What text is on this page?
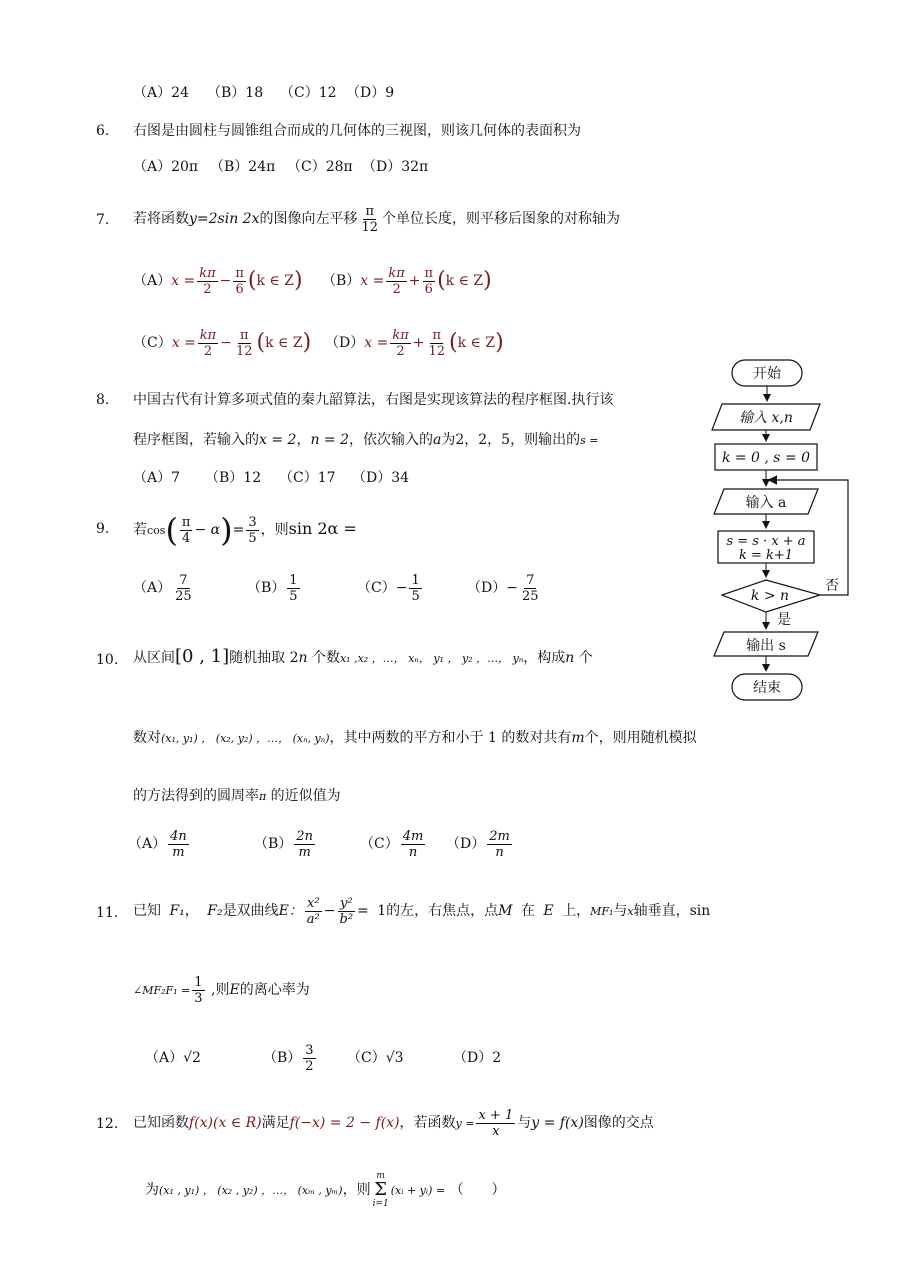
（A）24 （B）18 （C）12 （D）9
6. 右图是由圆柱与圆锥组合而成的几何体的三视图，则该几何体的表面积为
（A）20π （B）24π （C）28π （D）32π
7. 若将函数y=2sin 2x的图像向左平移 $\frac{\pi}{12}$ 个单位长度，则平移后图象的对称轴为
$(A)x = \frac{k\pi}{2} - \frac{\pi}{6} (k$ ∈ Z) $(B)x = \frac{k\pi}{2} + \frac{\pi}{6} (k$ ∈ Z)
$(C)x = \frac{k\pi}{2} - \frac{\pi}{12} (k$ ∈ Z) $(D)x = \frac{k\pi}{2} + \frac{\pi}{12} (k$ ∈ Z)
8. 中国古代有计算多项式值的秦九韶算法，右图是实现该算法的程序框图.执行该
程序框图，若输入的x = 2，n = 2，依次输入的a为2，2，5，则输出的s =
（A）7 （B）12 （C）17 （D）34
9. 若$\cos( \frac{\pi}{4} - \alpha)= \frac{3}{5}$ ，则sin 2α =
$(A) \frac{7}{25}$	$(B) \frac{1}{5}$	$(C)- \frac{1}{5}$	$(D)- \frac{7}{25}$
10. 从区间[0 , 1]随机抽取 2n 个数x₁ ,x₂ ，…， xₙ， y₁ ， y₂ ，…， yₙ，构成n 个
数对(x₁, y₁) ， (x₂, y₂) ，…， (xₙ, yₙ)，其中两数的平方和小于 1 的数对共有m个，则用随机模拟
的方法得到的圆周率π 的近似值为
$(A) \frac{4n}{m}$	$(B) \frac{2n}{m}$	$(C) \frac{4m}{n} (D) \frac{2m}{n}$
11. 已知 F₁， F₂是双曲线E： $\frac{\text{x²}}{\text{a²}} - \frac{\text{y²}}{\text{b²}} = 1$的左，右焦点，点M 在 E 上，MF₁与x轴垂直，sin
∠MF₂F₁ = $\frac{1}{3}$ ,则E的离心率为
（A）√2	$(B) \frac{3}{2} (C)√3$	（D）2
12. 已知函数f(x)(x ∈ R)满足f(−x) = 2 − f(x)，若函数$y = \frac{x + 1}{x}$ 与y = f(x)图像的交点
为(x₁ , y₁) ， (x₂ , y₂) ，…， (xₘ , yₘ)，则
m
Σ
i=1
(xᵢ + yᵢ) = （　　）
开始
输入 x,n
k = 0 , s = 0
输入 a
s = s · x + a
k = k+1
k > n
否
是
输出 s
结束
